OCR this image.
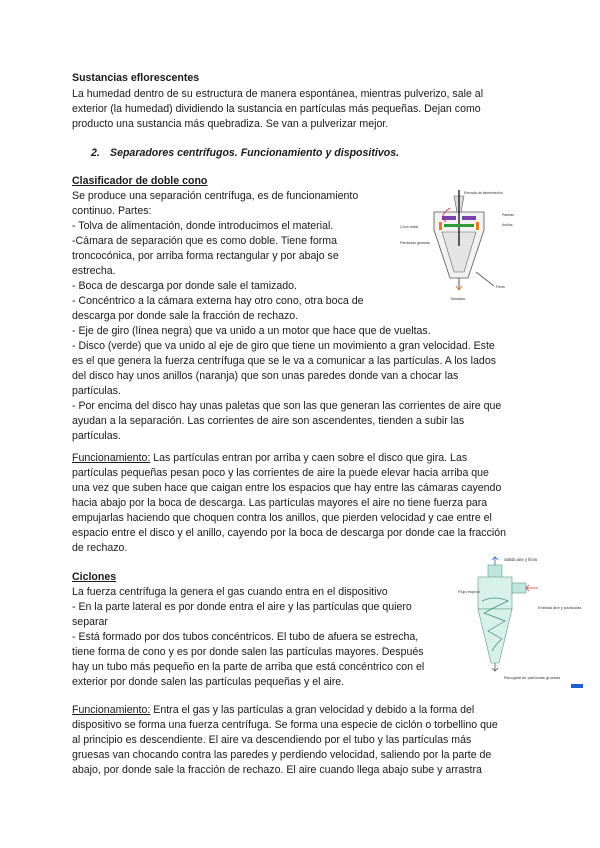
Sustancias eflorescentes
La humedad dentro de su estructura de manera espontánea, mientras pulverizo, sale al
exterior (la humedad) dividiendo la sustancia en partículas más pequeñas. Dejan como
producto una sustancia más quebradiza. Se van a pulverizar mejor.
2. Separadores centrífugos. Funcionamiento y dispositivos.
Clasificador de doble cono
Se produce una separación centrífuga, es de funcionamiento
continuo. Partes:
- Tolva de alimentación, donde introducimos el material.
-Cámara de separación que es como doble. Tiene forma
troncocónica, por arriba forma rectangular y por abajo se
estrecha.
- Boca de descarga por donde sale el tamizado.
- Concéntrico a la cámara externa hay otro cono, otra boca de
descarga por donde sale la fracción de rechazo.
- Eje de giro (línea negra) que va unido a un motor que hace que de vueltas.
- Disco (verde) que va unido al eje de giro que tiene un movimiento a gran velocidad. Este
es el que genera la fuerza centrífuga que se le va a comunicar a las partículas. A los lados
del disco hay unos anillos (naranja) que son unas paredes donde van a chocar las
partículas.
- Por encima del disco hay unas paletas que son las que generan las corrientes de aire que
ayudan a la separación. Las corrientes de aire son ascendentes, tienden a subir las
partículas.
Entrada de alimentación
Cono doble
Paletas
Anillos
Partículas gruesas
Finos
Tamizado
Funcionamiento: Las partículas entran por arriba y caen sobre el disco que gira. Las
partículas pequeñas pesan poco y las corrientes de aire la puede elevar hacia arriba que
una vez que suben hace que caigan entre los espacios que hay entre las cámaras cayendo
hacia abajo por la boca de descarga. Las partículas mayores el aire no tiene fuerza para
empujarlas haciendo que choquen contra los anillos, que pierden velocidad y cae entre el
espacio entre el disco y el anillo, cayendo por la boca de descarga por donde cae la fracción
de rechazo.
Ciclones
La fuerza centrífuga la genera el gas cuando entra en el dispositivo
- En la parte lateral es por donde entra el aire y las partículas que quiero
separar
- Está formado por dos tubos concéntricos. El tubo de afuera se estrecha,
tiene forma de cono y es por donde salen las partículas mayores. Después
hay un tubo más pequeño en la parte de arriba que está concéntrico con el
exterior por donde salen las partículas pequeñas y el aire.
Salida aire y finos
Flujo espiral
Entrada aire y partículas
Recogida de partículas gruesas
Funcionamiento: Entra el gas y las partículas a gran velocidad y debido a la forma del
dispositivo se forma una fuerza centrífuga. Se forma una especie de ciclón o torbellino que
al principio es descendiente. El aire va descendiendo por el tubo y las partículas más
gruesas van chocando contra las paredes y perdiendo velocidad, saliendo por la parte de
abajo, por donde sale la fracción de rechazo. El aire cuando llega abajo sube y arrastra
